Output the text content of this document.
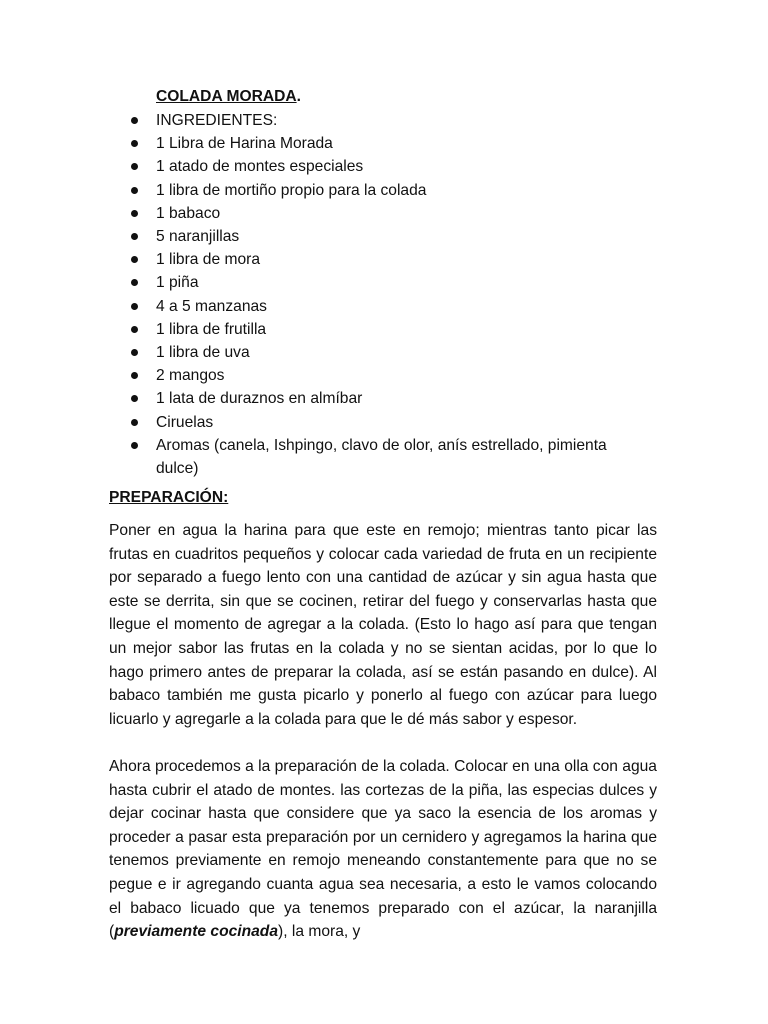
COLADA MORADA.

INGREDIENTES:
1 Libra de Harina Morada
1 atado de montes especiales
1 libra de mortiño propio para la colada
1 babaco
5 naranjillas
1 libra de mora
1 piña
4 a 5 manzanas
1 libra de frutilla
1 libra de uva
2 mangos
1 lata de duraznos en almíbar
Ciruelas
Aromas (canela, Ishpingo, clavo de olor, anís estrellado, pimienta dulce)

PREPARACIÓN:

Poner en agua la harina para que este en remojo; mientras tanto picar las frutas en cuadritos pequeños y colocar cada variedad de fruta en un recipiente por separado a fuego lento con una cantidad de azúcar y sin agua hasta que este se derrita, sin que se cocinen, retirar del fuego y conservarlas hasta que llegue el momento de agregar a la colada. (Esto lo hago así para que tengan un mejor sabor las frutas en la colada y no se sientan acidas, por lo que lo hago primero antes de preparar la colada, así se están pasando en dulce). Al babaco también me gusta picarlo y ponerlo al fuego con azúcar para luego licuarlo y agregarle a la colada para que le dé más sabor y espesor.

Ahora procedemos a la preparación de la colada. Colocar en una olla con agua hasta cubrir el atado de montes. las cortezas de la piña, las especias dulces y dejar cocinar hasta que considere que ya saco la esencia de los aromas y proceder a pasar esta preparación por un cernidero y agregamos la harina que tenemos previamente en remojo meneando constantemente para que no se pegue e ir agregando cuanta agua sea necesaria, a esto le vamos colocando el babaco licuado que ya tenemos preparado con el azúcar, la naranjilla (previamente cocinada), la mora, y
